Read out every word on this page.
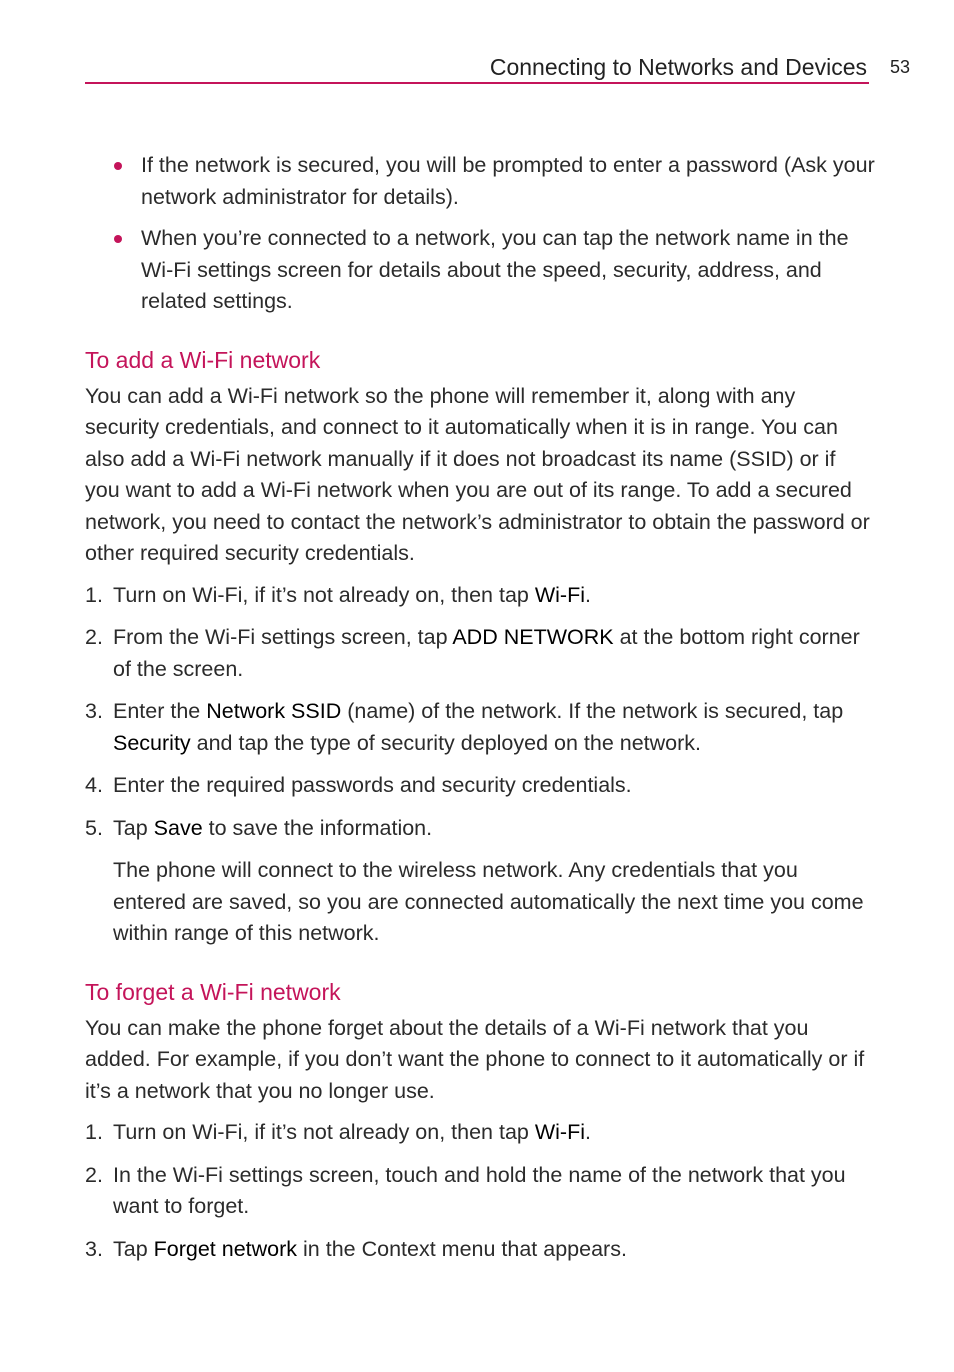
Connecting to Networks and Devices 53
If the network is secured, you will be prompted to enter a password (Ask your network administrator for details).
When you’re connected to a network, you can tap the network name in the Wi-Fi settings screen for details about the speed, security, address, and related settings.
To add a Wi-Fi network

You can add a Wi-Fi network so the phone will remember it, along with any security credentials, and connect to it automatically when it is in range. You can also add a Wi-Fi network manually if it does not broadcast its name (SSID) or if you want to add a Wi-Fi network when you are out of its range. To add a secured network, you need to contact the network’s administrator to obtain the password or other required security credentials.

1. Turn on Wi-Fi, if it’s not already on, then tap Wi-Fi.
2. From the Wi-Fi settings screen, tap ADD NETWORK at the bottom right corner of the screen.
3. Enter the Network SSID (name) of the network. If the network is secured, tap Security and tap the type of security deployed on the network.
4. Enter the required passwords and security credentials.
5. Tap Save to save the information.

The phone will connect to the wireless network. Any credentials that you entered are saved, so you are connected automatically the next time you come within range of this network.

To forget a Wi-Fi network

You can make the phone forget about the details of a Wi-Fi network that you added. For example, if you don’t want the phone to connect to it automatically or if it’s a network that you no longer use.

1. Turn on Wi-Fi, if it’s not already on, then tap Wi-Fi.
2. In the Wi-Fi settings screen, touch and hold the name of the network that you want to forget.
3. Tap Forget network in the Context menu that appears.
